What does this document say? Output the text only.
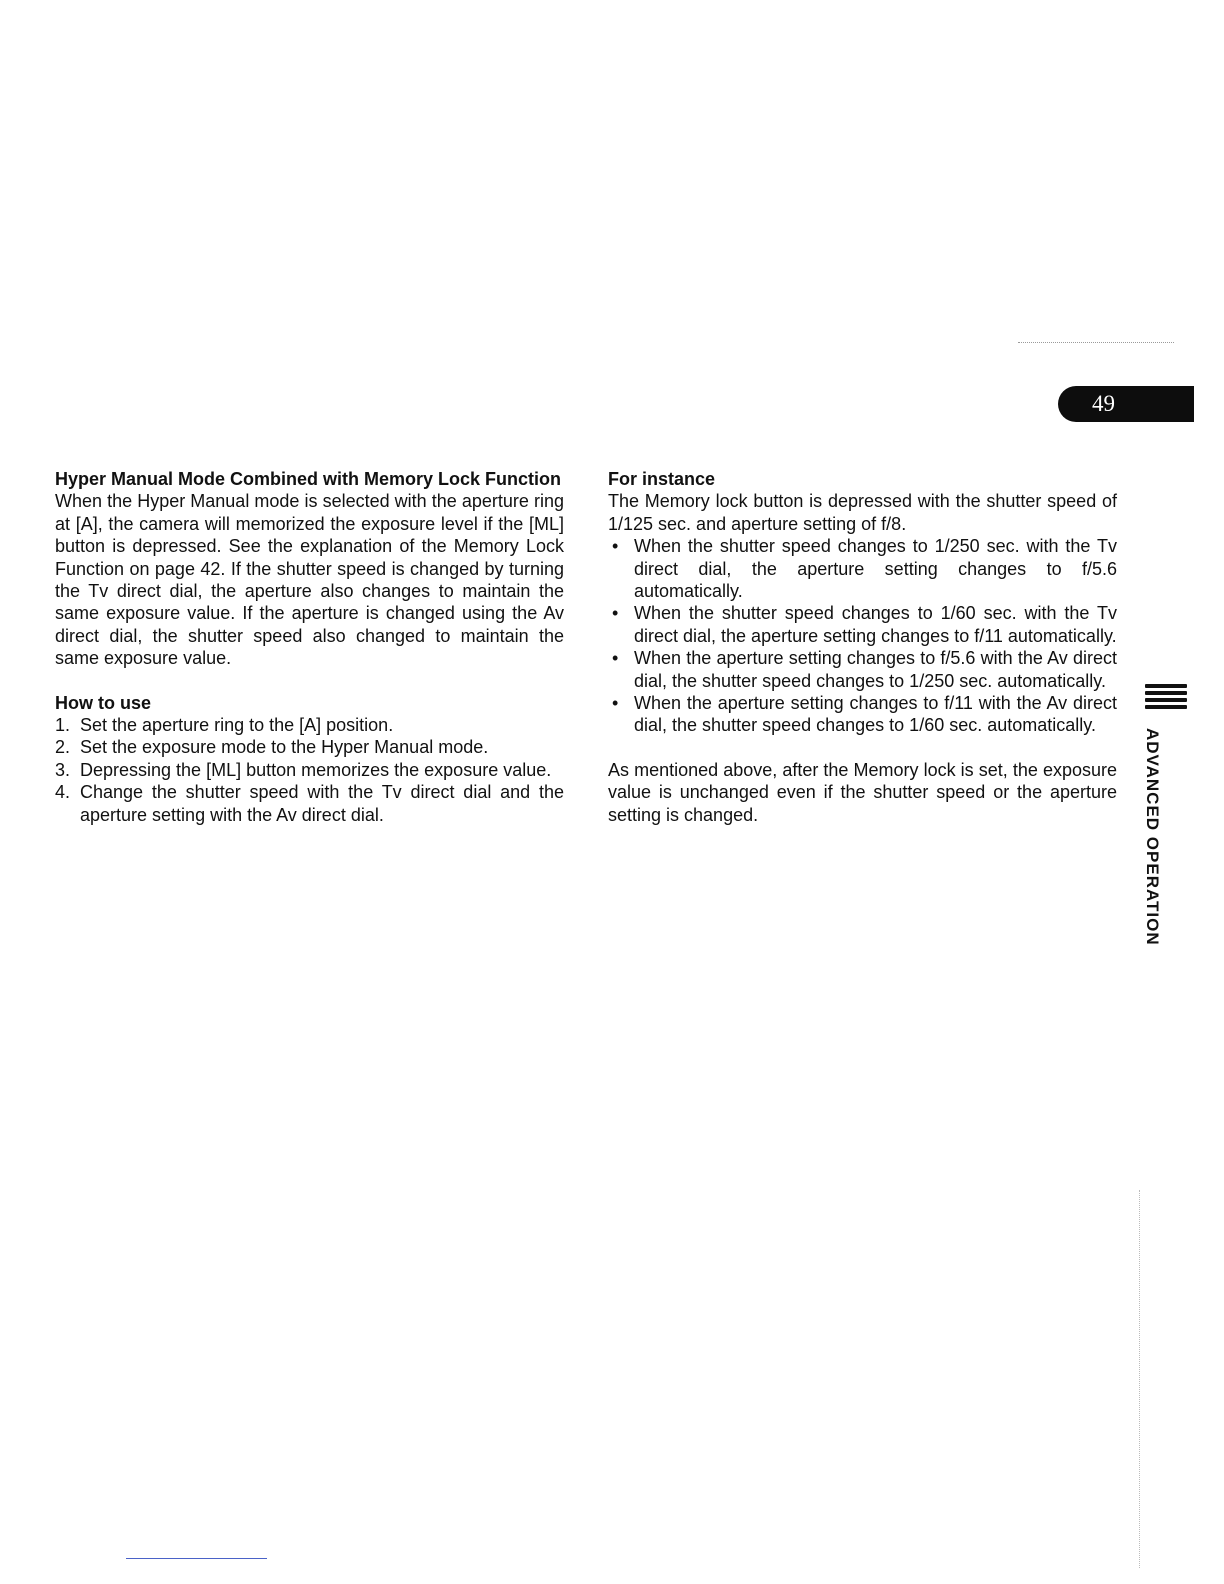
49

Hyper Manual Mode Combined with Memory Lock Function

When the Hyper Manual mode is selected with the aperture ring at [A], the camera will memorized the exposure level if the [ML] button is depressed. See the explanation of the Memory Lock Function on page 42. If the shutter speed is changed by turning the Tv direct dial, the aperture also changes to maintain the same exposure value. If the aperture is changed using the Av direct dial, the shutter speed also changed to maintain the same exposure value.

How to use

1. Set the aperture ring to the [A] position.
2. Set the exposure mode to the Hyper Manual mode.
3. Depressing the [ML] button memorizes the exposure value.
4. Change the shutter speed with the Tv direct dial and the aperture setting with the Av direct dial.

For instance

The Memory lock button is depressed with the shutter speed of 1/125 sec. and aperture setting of f/8.

• When the shutter speed changes to 1/250 sec. with the Tv direct dial, the aperture setting changes to f/5.6 automatically.
• When the shutter speed changes to 1/60 sec. with the Tv direct dial, the aperture setting changes to f/11 automatically.
• When the aperture setting changes to f/5.6 with the Av direct dial, the shutter speed changes to 1/250 sec. automatically.
• When the aperture setting changes to f/11 with the Av direct dial, the shutter speed changes to 1/60 sec. automatically.

As mentioned above, after the Memory lock is set, the exposure value is unchanged even if the shutter speed or the aperture setting is changed.	ADVANCED OPERATION
